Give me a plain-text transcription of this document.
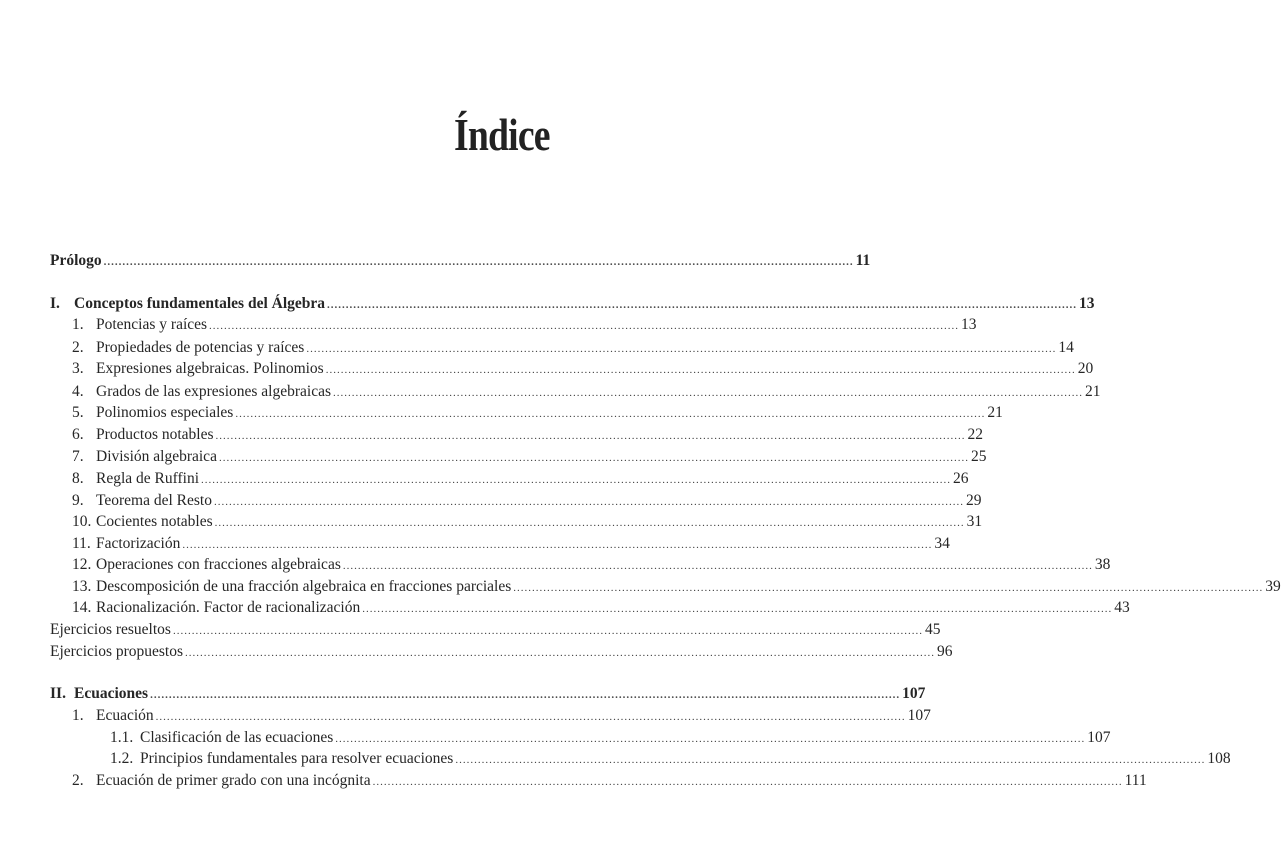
Índice
Prólogo ........................................................................................................................................................................................................ 11
I. Conceptos fundamentales del Álgebra ........................................................................................................................................................................................................ 13
1. Potencias y raíces ........................................................................................................................................................................................................ 13
2. Propiedades de potencias y raíces ........................................................................................................................................................................................................ 14
3. Expresiones algebraicas. Polinomios ........................................................................................................................................................................................................ 20
4. Grados de las expresiones algebraicas ........................................................................................................................................................................................................ 21
5. Polinomios especiales ........................................................................................................................................................................................................ 21
6. Productos notables ........................................................................................................................................................................................................ 22
7. División algebraica ........................................................................................................................................................................................................ 25
8. Regla de Ruffini ........................................................................................................................................................................................................ 26
9. Teorema del Resto ........................................................................................................................................................................................................ 29
10. Cocientes notables ........................................................................................................................................................................................................ 31
11. Factorización ........................................................................................................................................................................................................ 34
12. Operaciones con fracciones algebraicas ........................................................................................................................................................................................................ 38
13. Descomposición de una fracción algebraica en fracciones parciales ........................................................................................................................................................................................................ 39
14. Racionalización. Factor de racionalización ........................................................................................................................................................................................................ 43
Ejercicios resueltos ........................................................................................................................................................................................................ 45
Ejercicios propuestos ........................................................................................................................................................................................................ 96
II. Ecuaciones ........................................................................................................................................................................................................ 107
1. Ecuación ........................................................................................................................................................................................................ 107
1.1. Clasificación de las ecuaciones ........................................................................................................................................................................................................ 107
1.2. Principios fundamentales para resolver ecuaciones ........................................................................................................................................................................................................ 108
2. Ecuación de primer grado con una incógnita ........................................................................................................................................................................................................ 111
